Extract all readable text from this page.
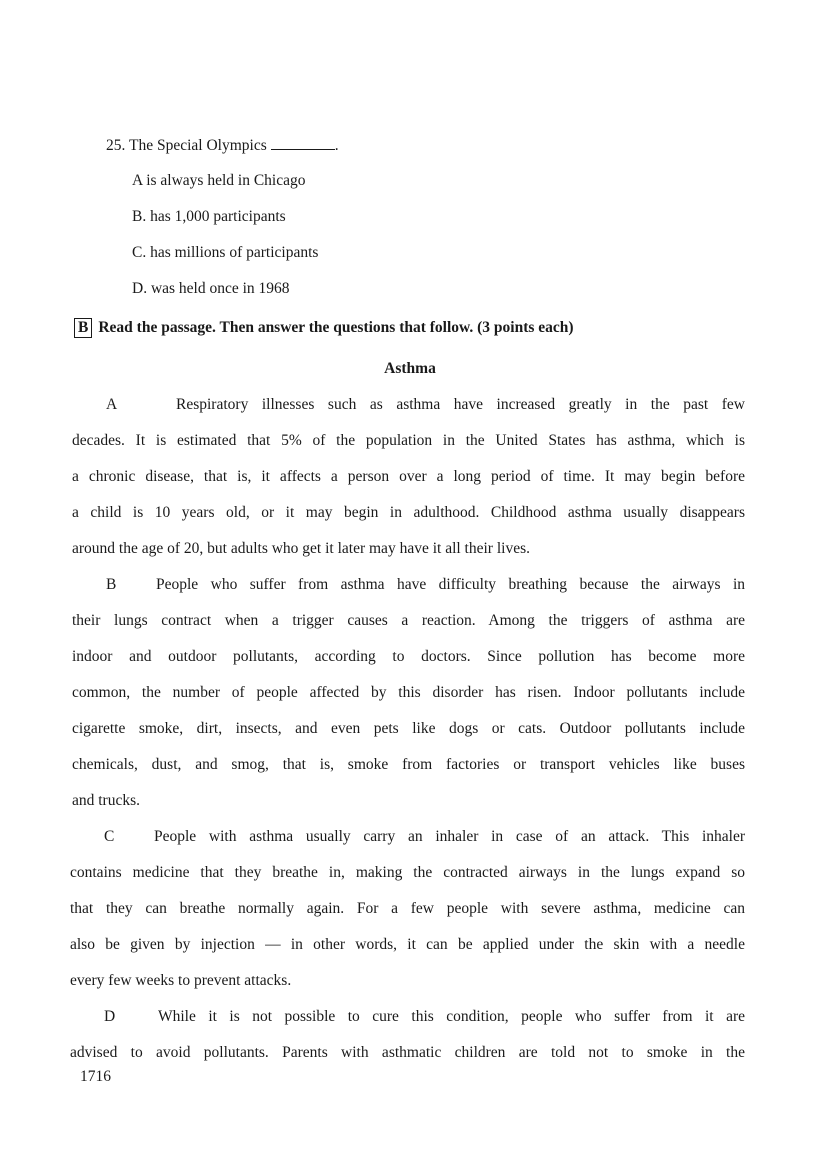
25. The Special Olympics	.
A is always held in Chicago
B. has 1,000 participants
C. has millions of participants
D. was held once in 1968
B Read the passage. Then answer the questions that follow. (3 points each)
Asthma
A	Respiratory illnesses such as asthma have increased greatly in the past few
decades. It is estimated that 5% of the population in the United States has asthma, which is
a chronic disease, that is, it affects a person over a long period of time. It may begin before
a child is 10 years old, or it may begin in adulthood. Childhood asthma usually disappears
around the age of 20, but adults who get it later may have it all their lives.
B	People who suffer from asthma have difficulty breathing because the airways in
their lungs contract when a trigger causes a reaction. Among the triggers of asthma are
indoor and outdoor pollutants, according to doctors. Since pollution has become more
common, the number of people affected by this disorder has risen. Indoor pollutants include
cigarette smoke, dirt, insects, and even pets like dogs or cats. Outdoor pollutants include
chemicals, dust, and smog, that is, smoke from factories or transport vehicles like buses
and trucks.
C	People with asthma usually carry an inhaler in case of an attack. This inhaler
contains medicine that they breathe in, making the contracted airways in the lungs expand so
that they can breathe normally again. For a few people with severe asthma, medicine can
also be given by injection — in other words, it can be applied under the skin with a needle
every few weeks to prevent attacks.
D	While it is not possible to cure this condition, people who suffer from it are
advised to avoid pollutants. Parents with asthmatic children are told not to smoke in the
1716
